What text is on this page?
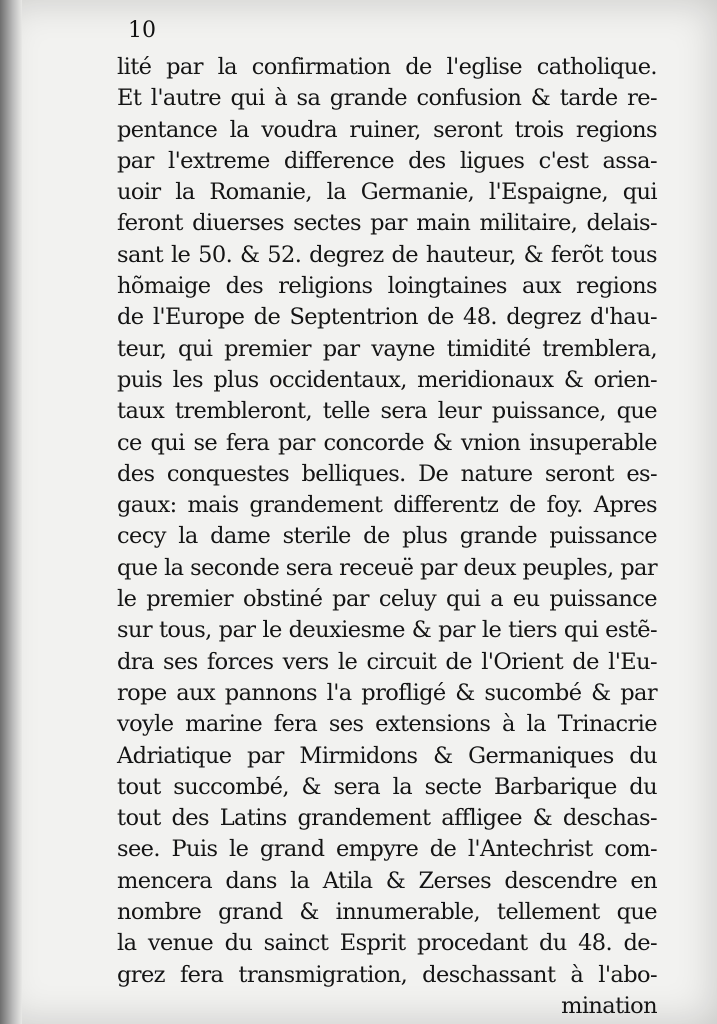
10
lité par la confirmation de l'eglise catholique.
Et l'autre qui à sa grande confusion & tarde re-
pentance la voudra ruiner, seront trois regions
par l'extreme difference des ligues c'est assa-
uoir la Romanie, la Germanie, l'Espaigne, qui
feront diuerses sectes par main militaire, delais-
sant le 50. & 52. degrez de hauteur, & ferõt tous
hõmaige des religions loingtaines aux regions
de l'Europe de Septentrion de 48. degrez d'hau-
teur, qui premier par vayne timidité tremblera,
puis les plus occidentaux, meridionaux & orien-
taux trembleront, telle sera leur puissance, que
ce qui se fera par concorde & vnion insuperable
des conquestes belliques. De nature seront es-
gaux: mais grandement differentz de foy. Apres
cecy la dame sterile de plus grande puissance
que la seconde sera receuë par deux peuples, par
le premier obstiné par celuy qui a eu puissance
sur tous, par le deuxiesme & par le tiers qui estẽ-
dra ses forces vers le circuit de l'Orient de l'Eu-
rope aux pannons l'a profligé & sucombé & par
voyle marine fera ses extensions à la Trinacrie
Adriatique par Mirmidons & Germaniques du
tout succombé, & sera la secte Barbarique du
tout des Latins grandement affligee & deschas-
see. Puis le grand empyre de l'Antechrist com-
mencera dans la Atila & Zerses descendre en
nombre grand & innumerable, tellement que
la venue du sainct Esprit procedant du 48. de-
grez fera transmigration, deschassant à l'abo-
mination
